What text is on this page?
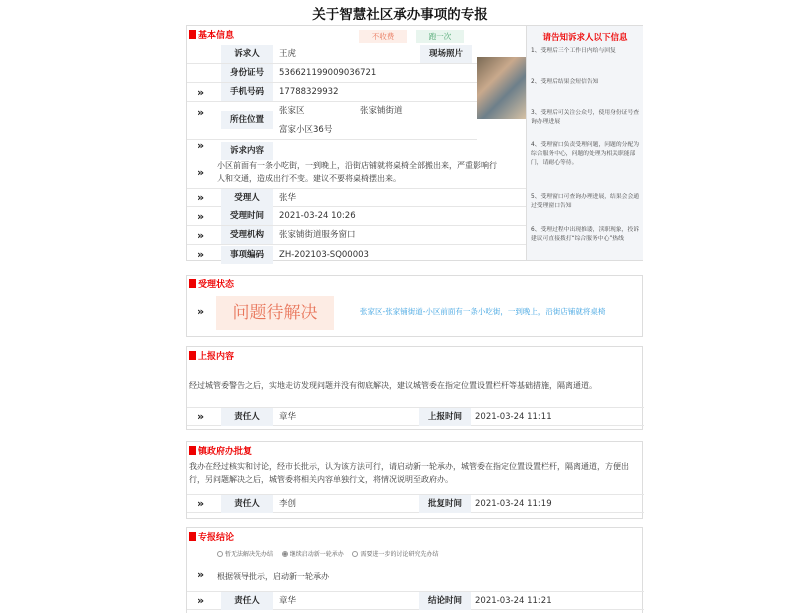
关于智慧社区承办事项的专报
基本信息	不收费	跑一次
诉求人	王虎	现场照片
身份证号	536621199009036721
»	手机号码	17788329932
»
所住位置
张家区	张家铺街道
富家小区36号
»	诉求内容
小区前面有一条小吃街，一到晚上，沿街店铺就将桌椅全部搬出来，严重影响行人和交通，造成出行不变。建议不要将桌椅摆出来。
»
»	受理人	张华
»	受理时间	2021-03-24 10:26
»	受理机构	张家铺街道服务窗口
»	事项编码	ZH-202103-SQ00003
请告知诉求人以下信息
1、受理后三个工作日内给与回复
2、受理后结果会短信告知
3、受理后可关注公众号，使用身份证号查询办理进展
4、受理窗口负责受理问题，问题的分配为综合服务中心，问题的处理为相关职能部门，请耐心等待。
5、受理窗口可查询办理进展，结果会会通过受理窗口告知
6、受理过程中出现推诿，渎职现象，投诉建议可直接拨打“综合服务中心”热线
受理状态
»	问题待解决	张家区-张家铺街道-小区前面有一条小吃街，一到晚上，沿街店铺就将桌椅
上报内容
经过城管委警告之后，实地走访发现问题并没有彻底解决，建议城管委在指定位置设置栏杆等基础措施，隔离通道。
»	责任人	章华	上报时间	2021-03-24 11:11
镇政府办批复
我办在经过核实和讨论，经市长批示，认为该方法可行，请启动新一轮承办，城管委在指定位置设置栏杆，隔离通道，方便出行，另问题解决之后，城管委将相关内容单独行文，将情况说明至政府办。
»	责任人	李创	批复时间	2021-03-24 11:19
专报结论
暂无法解决先办结
	继续启动新一轮承办
	需要进一步的讨论研究先办结
»	根据领导批示，启动新一轮承办
»	责任人	章华	结论时间	2021-03-24 11:21
